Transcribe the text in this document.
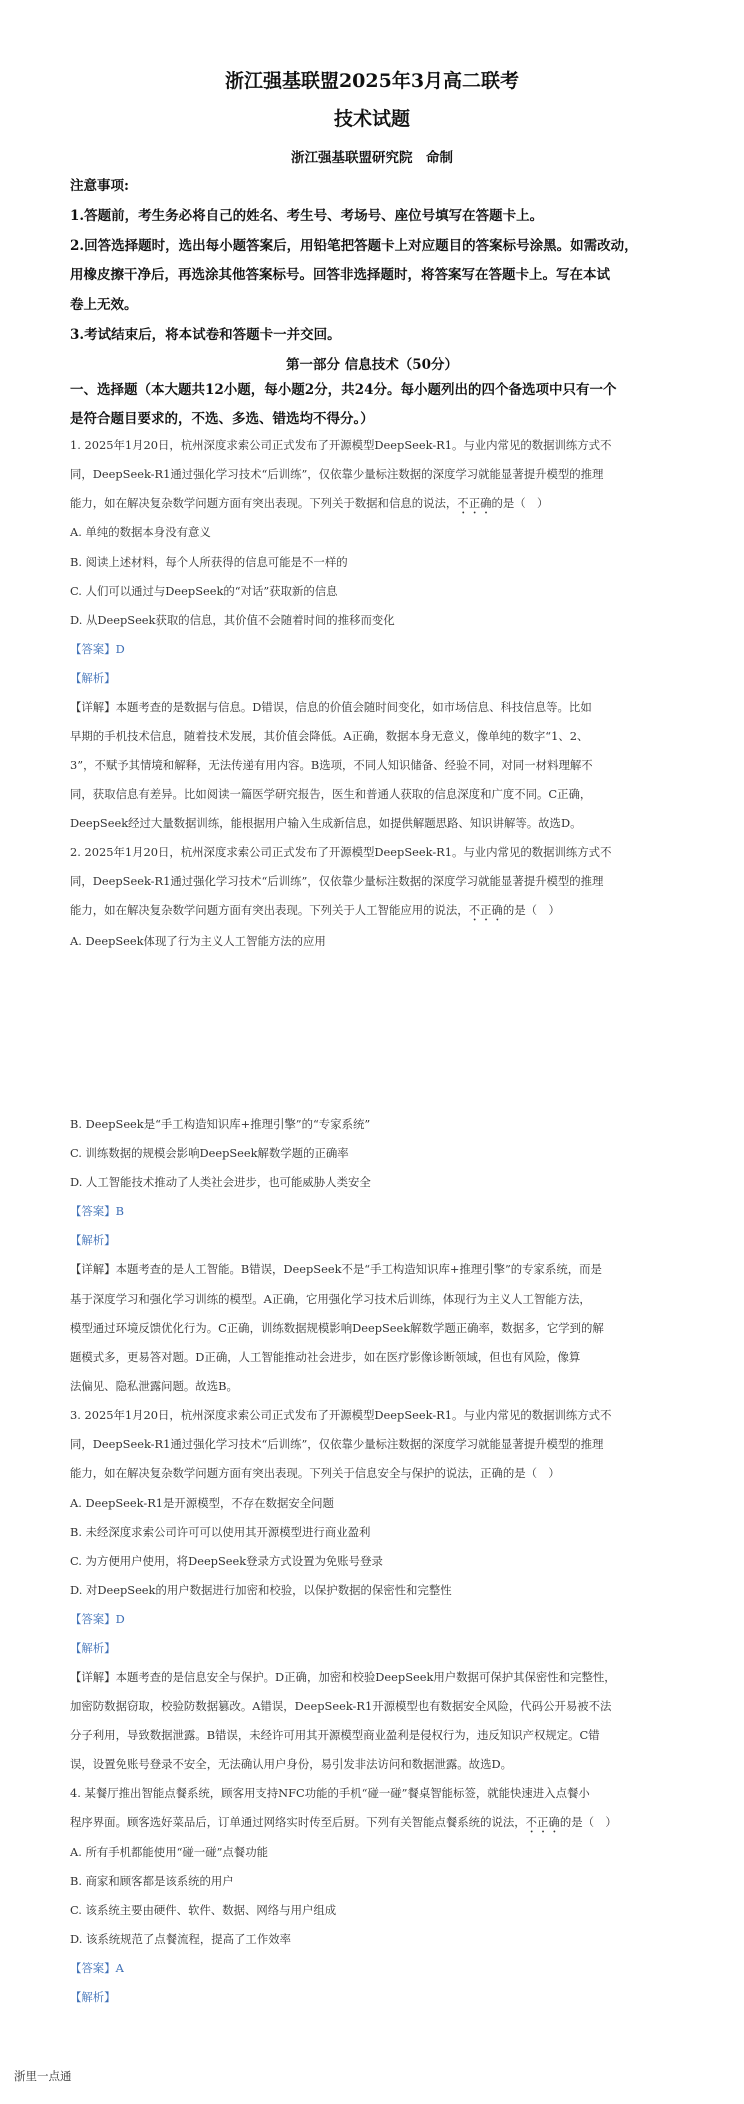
浙江强基联盟2025年3月高二联考
技术试题
浙江强基联盟研究院　命制
注意事项:
1.答题前，考生务必将自己的姓名、考生号、考场号、座位号填写在答题卡上。
2.回答选择题时，选出每小题答案后，用铅笔把答题卡上对应题目的答案标号涂黑。如需改动，
用橡皮擦干净后，再选涂其他答案标号。回答非选择题时，将答案写在答题卡上。写在本试
卷上无效。
3.考试结束后，将本试卷和答题卡一并交回。
第一部分 信息技术（50分）
一、选择题（本大题共12小题，每小题2分，共24分。每小题列出的四个备选项中只有一个
是符合题目要求的，不选、多选、错选均不得分。）
1. 2025年1月20日，杭州深度求索公司正式发布了开源模型DeepSeek-R1。与业内常见的数据训练方式不
同，DeepSeek-R1通过强化学习技术“后训练”，仅依靠少量标注数据的深度学习就能显著提升模型的推理
能力，如在解决复杂数学问题方面有突出表现。下列关于数据和信息的说法，不正确的是（　）
A. 单纯的数据本身没有意义
B. 阅读上述材料，每个人所获得的信息可能是不一样的
C. 人们可以通过与DeepSeek的“对话”获取新的信息
D. 从DeepSeek获取的信息，其价值不会随着时间的推移而变化
【答案】D
【解析】
【详解】本题考查的是数据与信息。D错误，信息的价值会随时间变化，如市场信息、科技信息等。比如
早期的手机技术信息，随着技术发展，其价值会降低。A正确，数据本身无意义，像单纯的数字“1、2、
3”，不赋予其情境和解释，无法传递有用内容。B选项，不同人知识储备、经验不同，对同一材料理解不
同，获取信息有差异。比如阅读一篇医学研究报告，医生和普通人获取的信息深度和广度不同。C正确，
DeepSeek经过大量数据训练，能根据用户输入生成新信息，如提供解题思路、知识讲解等。故选D。
2. 2025年1月20日，杭州深度求索公司正式发布了开源模型DeepSeek-R1。与业内常见的数据训练方式不
同，DeepSeek-R1通过强化学习技术“后训练”，仅依靠少量标注数据的深度学习就能显著提升模型的推理
能力，如在解决复杂数学问题方面有突出表现。下列关于人工智能应用的说法，不正确的是（　）
A. DeepSeek体现了行为主义人工智能方法的应用
B. DeepSeek是“手工构造知识库+推理引擎”的“专家系统”
C. 训练数据的规模会影响DeepSeek解数学题的正确率
D. 人工智能技术推动了人类社会进步，也可能威胁人类安全
【答案】B
【解析】
【详解】本题考查的是人工智能。B错误，DeepSeek不是“手工构造知识库+推理引擎”的专家系统，而是
基于深度学习和强化学习训练的模型。A正确，它用强化学习技术后训练，体现行为主义人工智能方法，
模型通过环境反馈优化行为。C正确，训练数据规模影响DeepSeek解数学题正确率，数据多，它学到的解
题模式多，更易答对题。D正确，人工智能推动社会进步，如在医疗影像诊断领域，但也有风险，像算
法偏见、隐私泄露问题。故选B。
3. 2025年1月20日，杭州深度求索公司正式发布了开源模型DeepSeek-R1。与业内常见的数据训练方式不
同，DeepSeek-R1通过强化学习技术“后训练”，仅依靠少量标注数据的深度学习就能显著提升模型的推理
能力，如在解决复杂数学问题方面有突出表现。下列关于信息安全与保护的说法，正确的是（　）
A. DeepSeek-R1是开源模型，不存在数据安全问题
B. 未经深度求索公司许可可以使用其开源模型进行商业盈利
C. 为方便用户使用，将DeepSeek登录方式设置为免账号登录
D. 对DeepSeek的用户数据进行加密和校验，以保护数据的保密性和完整性
【答案】D
【解析】
【详解】本题考查的是信息安全与保护。D正确，加密和校验DeepSeek用户数据可保护其保密性和完整性，
加密防数据窃取，校验防数据篡改。A错误，DeepSeek-R1开源模型也有数据安全风险，代码公开易被不法
分子利用，导致数据泄露。B错误，未经许可用其开源模型商业盈利是侵权行为，违反知识产权规定。C错
误，设置免账号登录不安全，无法确认用户身份，易引发非法访问和数据泄露。故选D。
4. 某餐厅推出智能点餐系统，顾客用支持NFC功能的手机“碰一碰”餐桌智能标签，就能快速进入点餐小
程序界面。顾客选好菜品后，订单通过网络实时传至后厨。下列有关智能点餐系统的说法，不正确的是（　）
A. 所有手机都能使用“碰一碰”点餐功能
B. 商家和顾客都是该系统的用户
C. 该系统主要由硬件、软件、数据、网络与用户组成
D. 该系统规范了点餐流程，提高了工作效率
【答案】A
【解析】
浙里一点通
